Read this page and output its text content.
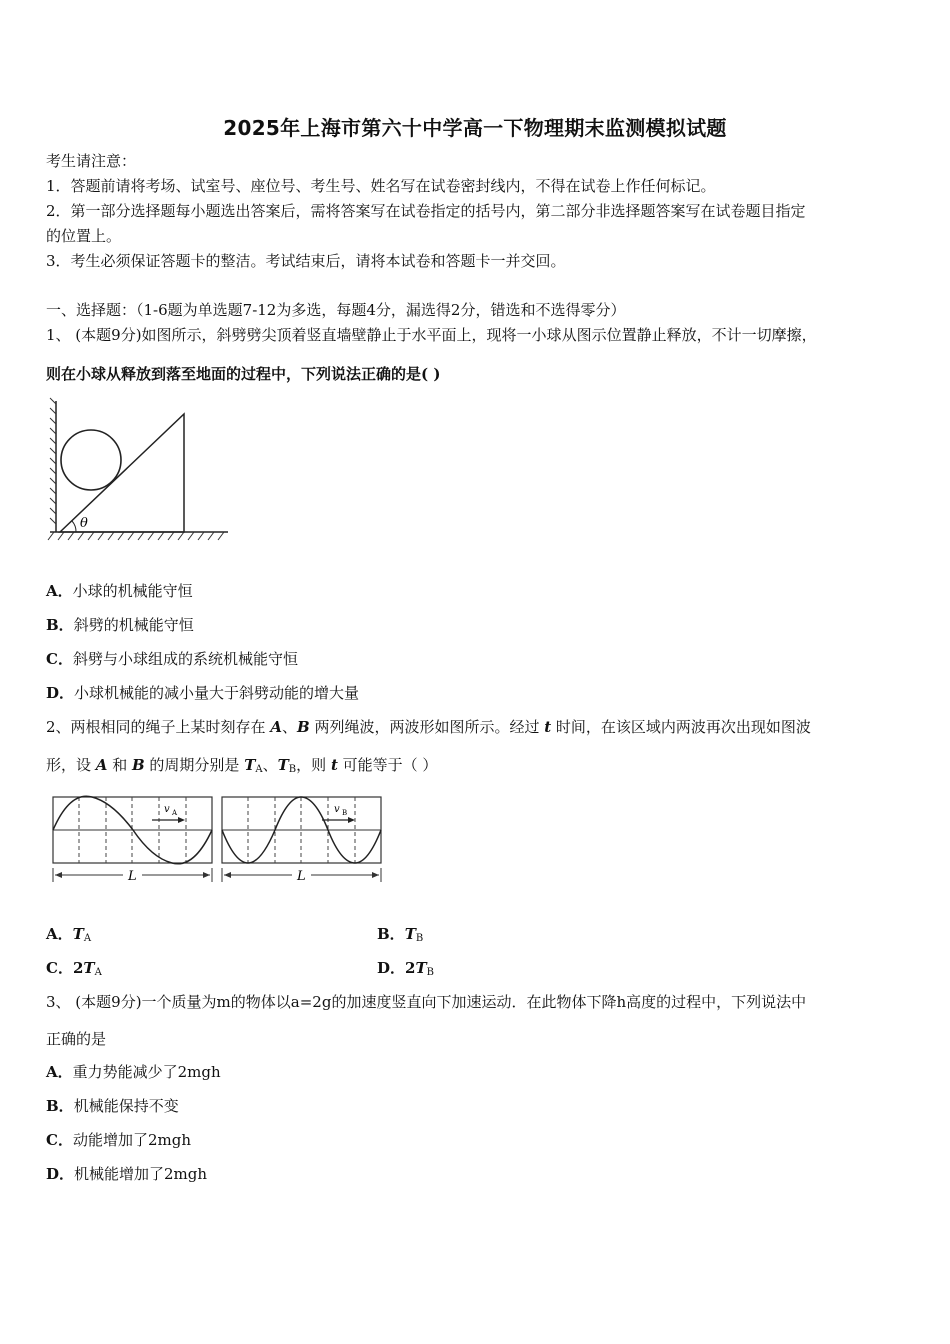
2025年上海市第六十中学高一下物理期末监测模拟试题
考生请注意：
1．答题前请将考场、试室号、座位号、考生号、姓名写在试卷密封线内，不得在试卷上作任何标记。
2．第一部分选择题每小题选出答案后，需将答案写在试卷指定的括号内，第二部分非选择题答案写在试卷题目指定
的位置上。
3．考生必须保证答题卡的整洁。考试结束后，请将本试卷和答题卡一并交回。
一、选择题：（1-6题为单选题7-12为多选，每题4分，漏选得2分，错选和不选得零分）
1、 (本题9分)如图所示，斜劈劈尖顶着竖直墙壁静止于水平面上，现将一小球从图示位置静止释放，不计一切摩擦，
则在小球从释放到落至地面的过程中，下列说法正确的是( )
θ
A．小球的机械能守恒
B．斜劈的机械能守恒
C．斜劈与小球组成的系统机械能守恒
D．小球机械能的减小量大于斜劈动能的增大量
2、两根相同的绳子上某时刻存在 A、B 两列绳波，两波形如图所示。经过 t 时间，在该区域内两波再次出现如图波
形，设 A 和 B 的周期分别是 $T_A$、$T_B$，则 t 可能等于（ ）
v A
L
v B
L
A．$T_A$	B．$T_B$
C．$2T_A$	D．$2T_B$
3、 (本题9分)一个质量为m的物体以a=2g的加速度竖直向下加速运动．在此物体下降h高度的过程中，下列说法中
正确的是
A．重力势能减少了2mgh
B．机械能保持不变
C．动能增加了2mgh
D．机械能增加了2mgh
